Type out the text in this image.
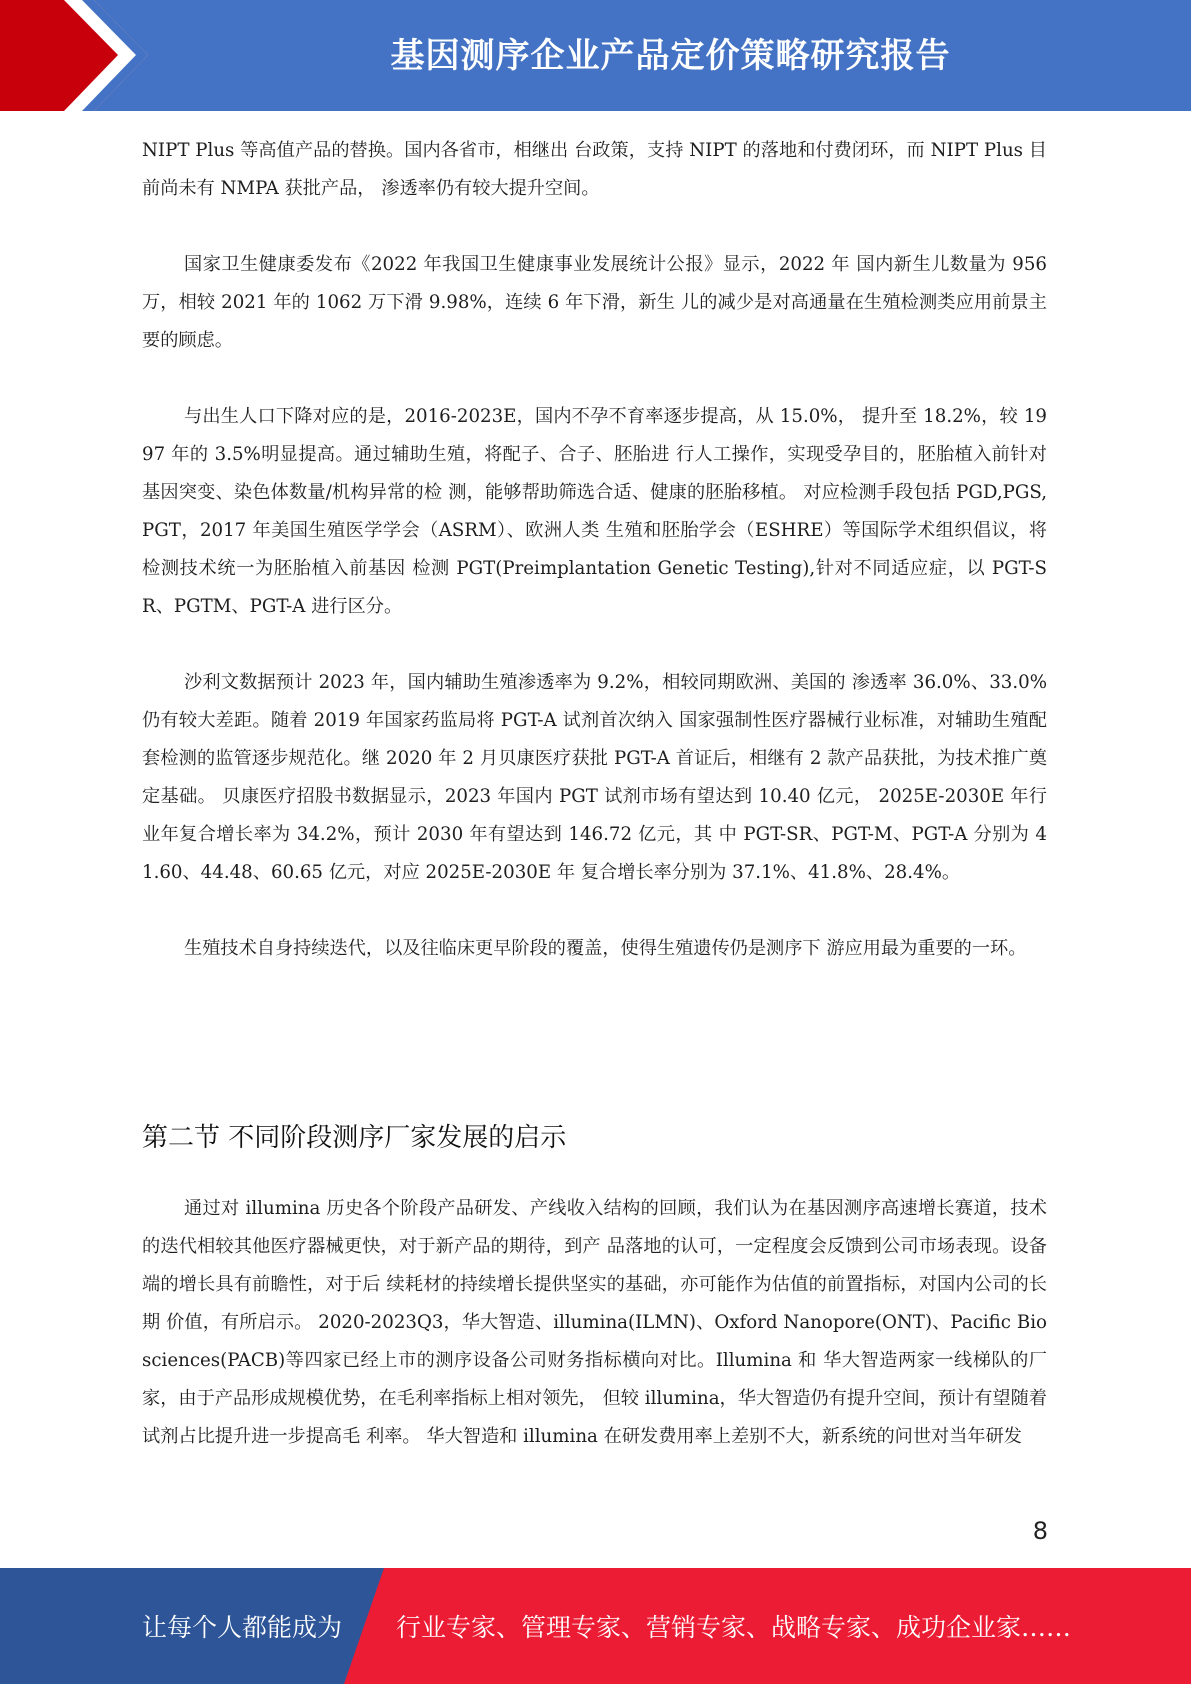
基因测序企业产品定价策略研究报告

NIPT Plus 等高值产品的替换。国内各省市，相继出 台政策，支持 NIPT 的落地和付费闭环，而 NIPT Plus 目前尚未有 NMPA 获批产品， 渗透率仍有较大提升空间。

国家卫生健康委发布《2022 年我国卫生健康事业发展统计公报》显示，2022 年 国内新生儿数量为 956 万，相较 2021 年的 1062 万下滑 9.98%，连续 6 年下滑，新生 儿的减少是对高通量在生殖检测类应用前景主要的顾虑。

与出生人口下降对应的是，2016-2023E，国内不孕不育率逐步提高，从 15.0%， 提升至 18.2%，较 1997 年的 3.5%明显提高。通过辅助生殖，将配子、合子、胚胎进 行人工操作，实现受孕目的，胚胎植入前针对基因突变、染色体数量/机构异常的检 测，能够帮助筛选合适、健康的胚胎移植。 对应检测手段包括 PGD,PGS,PGT，2017 年美国生殖医学学会（ASRM）、欧洲人类 生殖和胚胎学会（ESHRE）等国际学术组织倡议，将检测技术统一为胚胎植入前基因 检测 PGT(Preimplantation Genetic Testing),针对不同适应症，以 PGT-SR、PGTM、PGT-A 进行区分。

沙利文数据预计 2023 年，国内辅助生殖渗透率为 9.2%，相较同期欧洲、美国的 渗透率 36.0%、33.0%仍有较大差距。随着 2019 年国家药监局将 PGT-A 试剂首次纳入 国家强制性医疗器械行业标准，对辅助生殖配套检测的监管逐步规范化。继 2020 年 2 月贝康医疗获批 PGT-A 首证后，相继有 2 款产品获批，为技术推广奠定基础。 贝康医疗招股书数据显示，2023 年国内 PGT 试剂市场有望达到 10.40 亿元， 2025E-2030E 年行业年复合增长率为 34.2%，预计 2030 年有望达到 146.72 亿元，其 中 PGT-SR、PGT-M、PGT-A 分别为 41.60、44.48、60.65 亿元，对应 2025E-2030E 年 复合增长率分别为 37.1%、41.8%、28.4%。

生殖技术自身持续迭代，以及往临床更早阶段的覆盖，使得生殖遗传仍是测序下 游应用最为重要的一环。

第二节 不同阶段测序厂家发展的启示

通过对 illumina 历史各个阶段产品研发、产线收入结构的回顾，我们认为在基因测序高速增长赛道，技术的迭代相较其他医疗器械更快，对于新产品的期待，到产 品落地的认可，一定程度会反馈到公司市场表现。设备端的增长具有前瞻性，对于后 续耗材的持续增长提供坚实的基础，亦可能作为估值的前置指标，对国内公司的长期 价值，有所启示。 2020-2023Q3，华大智造、illumina(ILMN)、Oxford Nanopore(ONT)、Pacific Biosciences(PACB)等四家已经上市的测序设备公司财务指标横向对比。Illumina 和 华大智造两家一线梯队的厂家，由于产品形成规模优势，在毛利率指标上相对领先， 但较 illumina，华大智造仍有提升空间，预计有望随着试剂占比提升进一步提高毛 利率。 华大智造和 illumina 在研发费用率上差别不大，新系统的问世对当年研发

8
让每个人都能成为 行业专家、管理专家、营销专家、战略专家、成功企业家……
